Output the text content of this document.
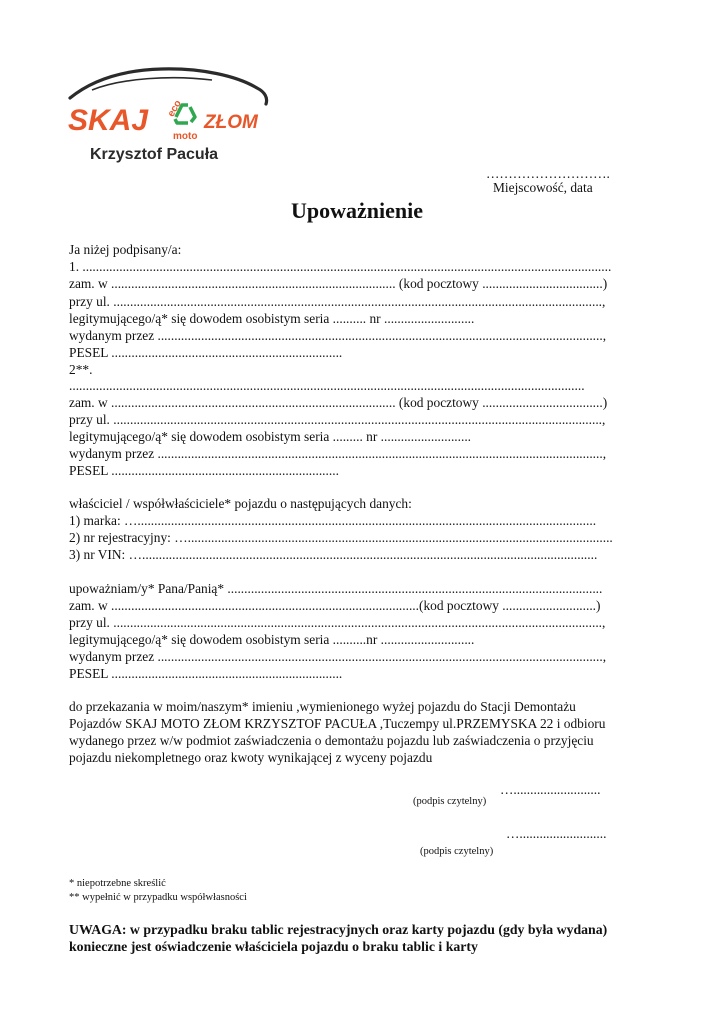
SKAJ eco
moto
ZŁOM
Krzysztof Pacuła
……………………….
Miejscowość, data
Upoważnienie
Ja niżej podpisany/a:
1. ..............................................................................................................................................................
zam. w ..................................................................................... (kod pocztowy ....................................)
przy ul. ..................................................................................................................................................,
legitymującego/ą* się dowodem osobistym seria .......... nr ...........................
wydanym przez .....................................................................................................................................,
PESEL .....................................................................
2**.
..........................................................................................................................................................
zam. w ..................................................................................... (kod pocztowy ....................................)
przy ul. ..................................................................................................................................................,
legitymującego/ą* się dowodem osobistym seria ......... nr ...........................
wydanym przez .....................................................................................................................................,
PESEL ....................................................................
właściciel / współwłaściciele* pojazdu o następujących danych:
1) marka: ….........................................................................................................................................
2) nr rejestracyjny: …...............................................................................................................................
3) nr VIN: …........................................................................................................................................
upoważniam/y* Pana/Panią* ................................................................................................................
zam. w ............................................................................................(kod pocztowy ............................)
przy ul. ..................................................................................................................................................,
legitymującego/ą* się dowodem osobistym seria ..........nr ............................
wydanym przez .....................................................................................................................................,
PESEL .....................................................................
do przekazania w moim/naszym* imieniu ,wymienionego wyżej pojazdu do Stacji Demontażu
Pojazdów SKAJ MOTO ZŁOM KRZYSZTOF PACUŁA ,Tuczempy ul.PRZEMYSKA 22 i odbioru
wydanego przez w/w podmiot zaświadczenia o demontażu pojazdu lub zaświadczenia o przyjęciu
pojazdu niekompletnego oraz kwoty wynikającej z wyceny pojazdu
…..........................
(podpis czytelny)
…..........................
(podpis czytelny)
* niepotrzebne skreślić
** wypełnić w przypadku współwłasności
UWAGA: w przypadku braku tablic rejestracyjnych oraz karty pojazdu (gdy była wydana)
konieczne jest oświadczenie właściciela pojazdu o braku tablic i karty
